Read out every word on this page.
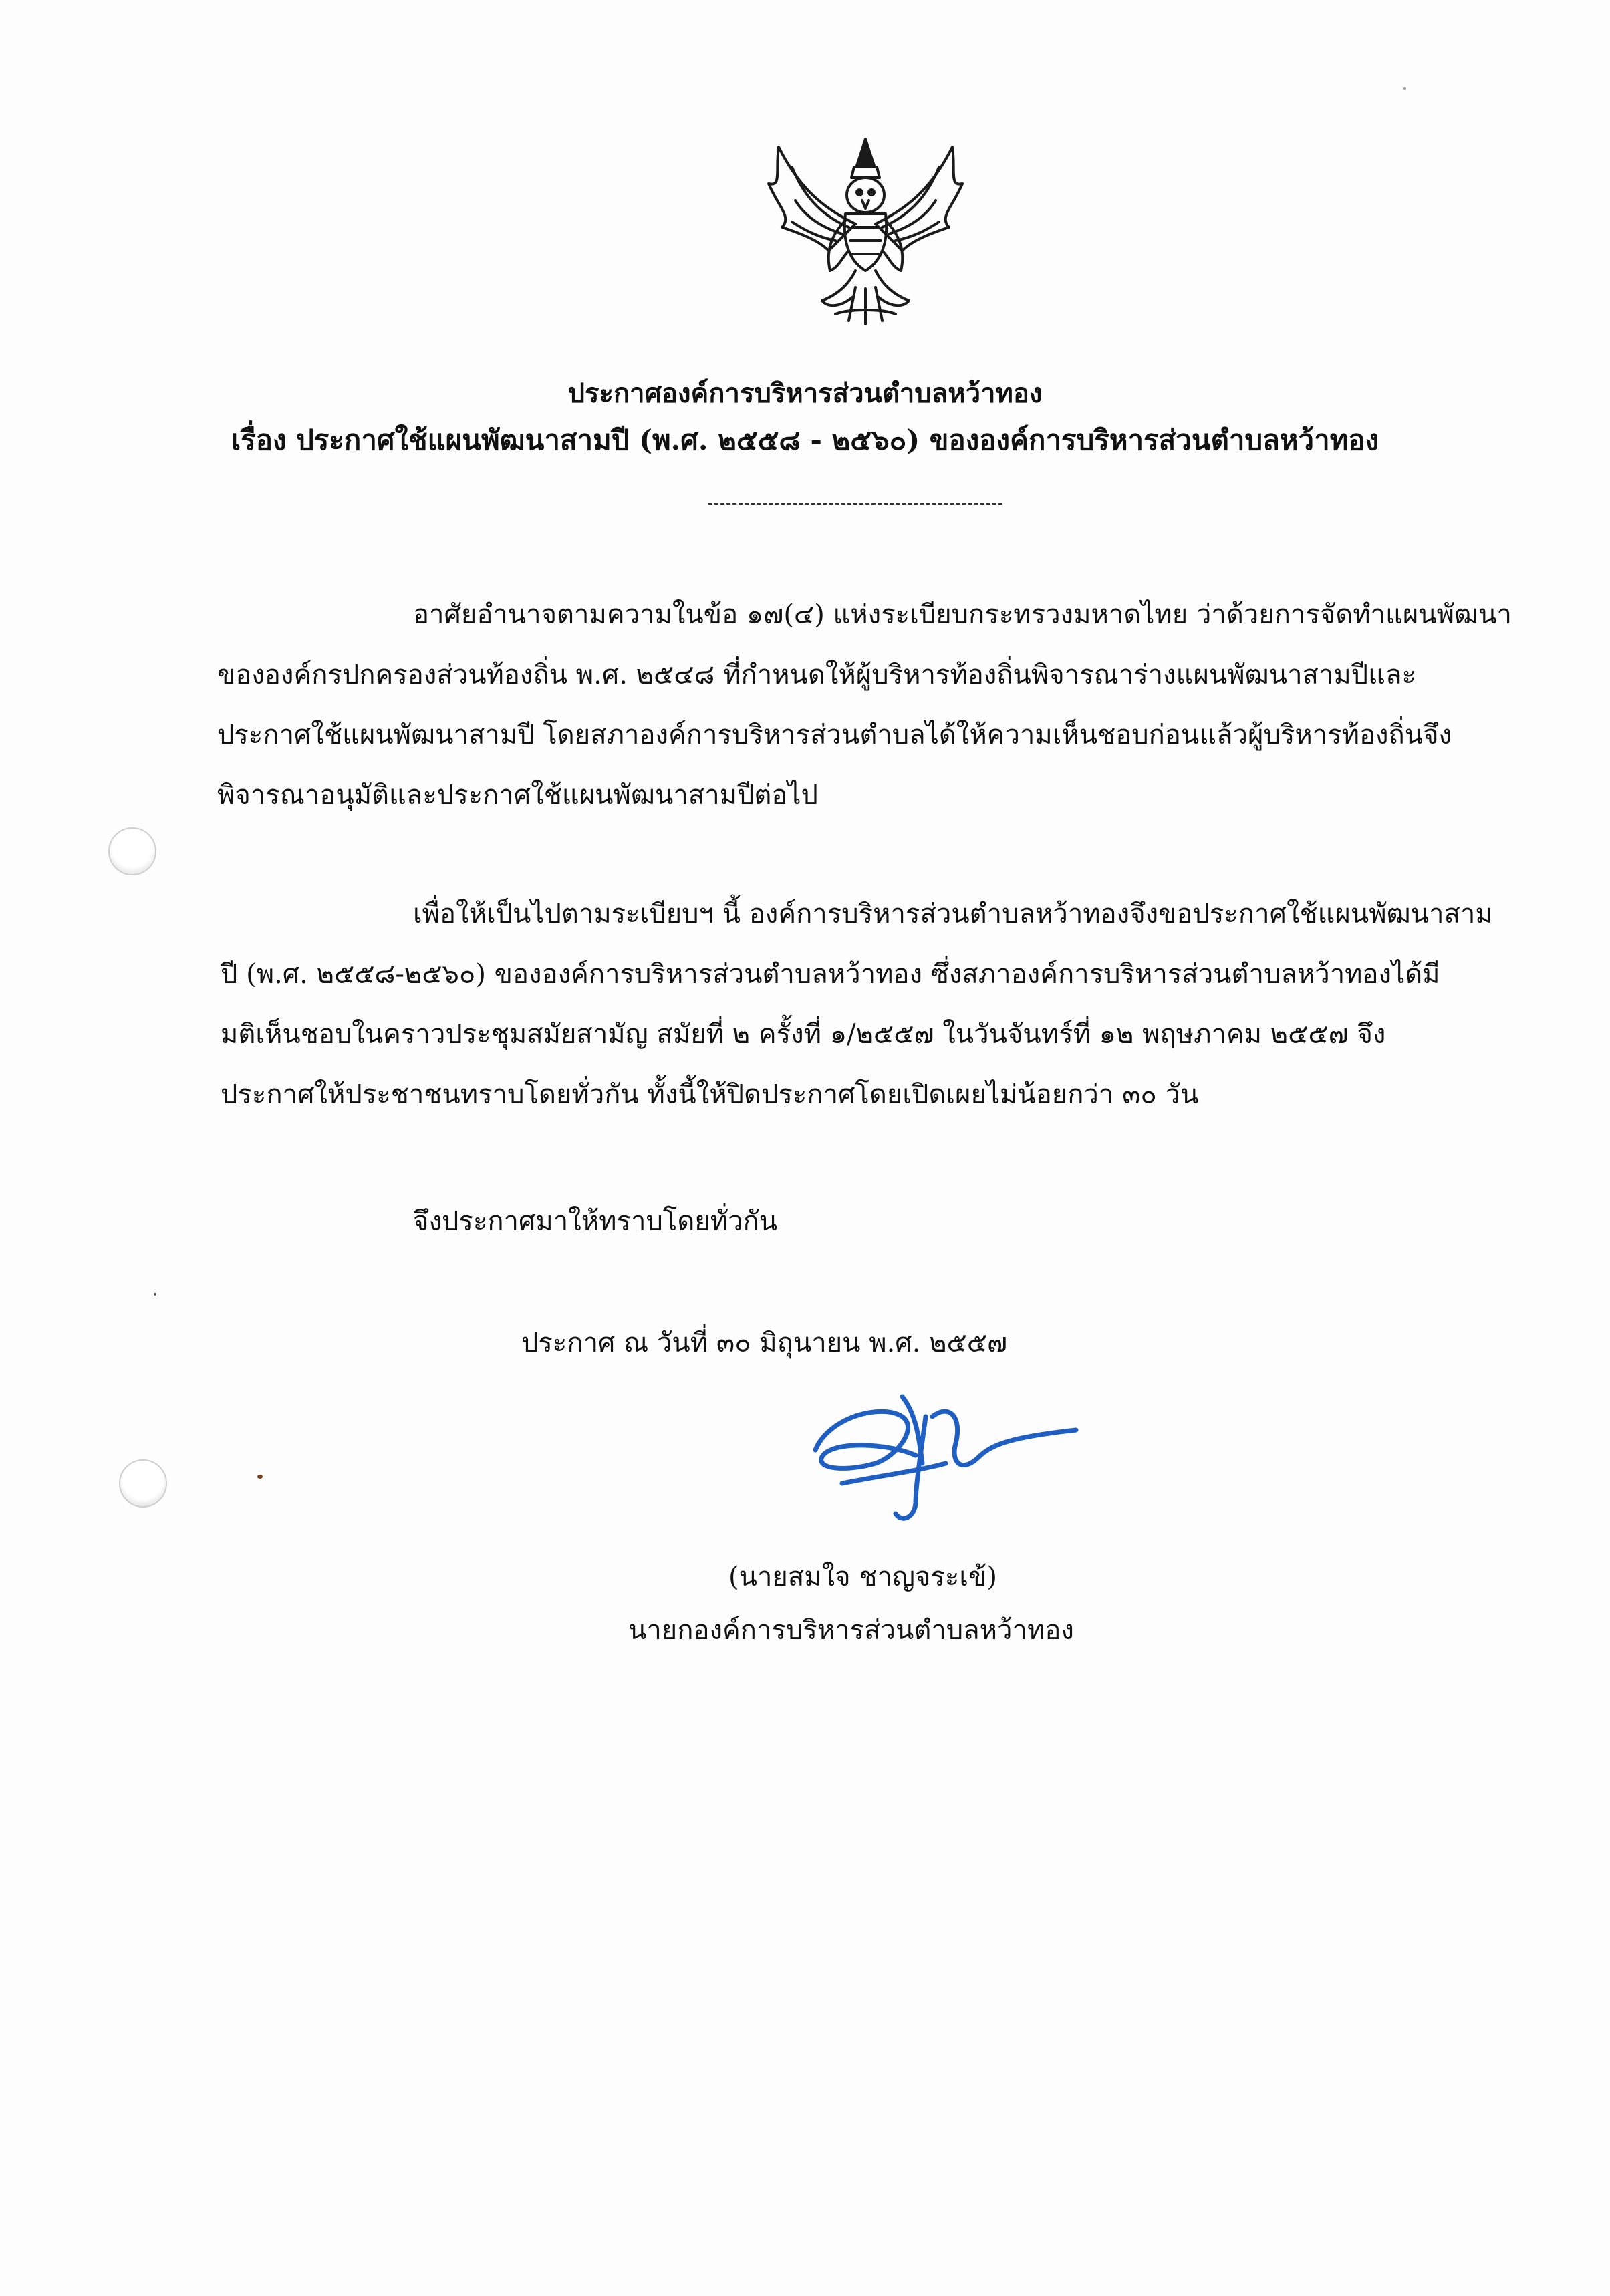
ประกาศองค์การบริหารส่วนตำบลหว้าทอง
เรื่อง ประกาศใช้แผนพัฒนาสามปี (พ.ศ. ๒๕๕๘ - ๒๕๖๐) ขององค์การบริหารส่วนตำบลหว้าทอง
อาศัยอำนาจตามความในข้อ ๑๗(๔) แห่งระเบียบกระทรวงมหาดไทย ว่าด้วยการจัดทำแผนพัฒนา
ขององค์กรปกครองส่วนท้องถิ่น พ.ศ. ๒๕๔๘ ที่กำหนดให้ผู้บริหารท้องถิ่นพิจารณาร่างแผนพัฒนาสามปีและ
ประกาศใช้แผนพัฒนาสามปี โดยสภาองค์การบริหารส่วนตำบลได้ให้ความเห็นชอบก่อนแล้วผู้บริหารท้องถิ่นจึง
พิจารณาอนุมัติและประกาศใช้แผนพัฒนาสามปีต่อไป
เพื่อให้เป็นไปตามระเบียบฯ นี้ องค์การบริหารส่วนตำบลหว้าทองจึงขอประกาศใช้แผนพัฒนาสาม
ปี (พ.ศ. ๒๕๕๘-๒๕๖๐) ขององค์การบริหารส่วนตำบลหว้าทอง ซึ่งสภาองค์การบริหารส่วนตำบลหว้าทองได้มี
มติเห็นชอบในคราวประชุมสมัยสามัญ สมัยที่ ๒ ครั้งที่ ๑/๒๕๕๗ ในวันจันทร์ที่ ๑๒ พฤษภาคม ๒๕๕๗ จึง
ประกาศให้ประชาชนทราบโดยทั่วกัน ทั้งนี้ให้ปิดประกาศโดยเปิดเผยไม่น้อยกว่า ๓๐ วัน
จึงประกาศมาให้ทราบโดยทั่วกัน
ประกาศ ณ วันที่ ๓๐ มิถุนายน พ.ศ. ๒๕๕๗
(นายสมใจ ชาญจระเข้)
นายกองค์การบริหารส่วนตำบลหว้าทอง
